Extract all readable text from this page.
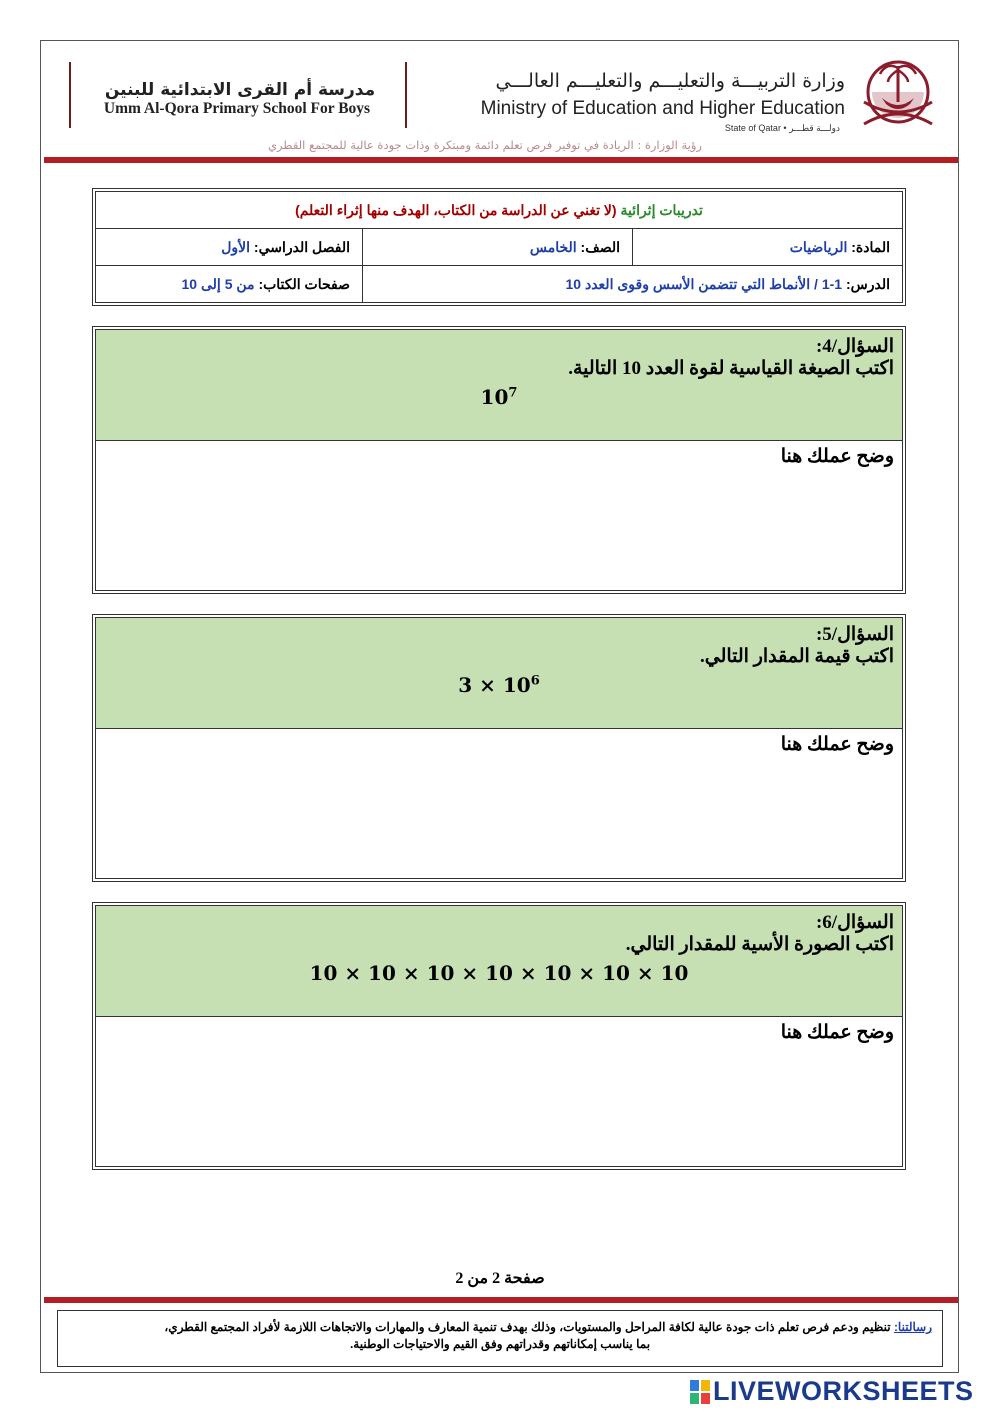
مدرسة أم القرى الابتدائية للبنين
Umm Al-Qora Primary School For Boys
وزارة التربيـــة والتعليـــم والتعليـــم العالـــي
Ministry of Education and Higher Education
State of Qatar • دولـــة قطـــر
رؤية الوزارة : الريادة في توفير فرص تعلم دائمة ومبتكرة وذات جودة عالية للمجتمع القطري
تدريبات إثرائية (لا تغني عن الدراسة من الكتاب، الهدف منها إثراء التعلم)		
المادة: الرياضيات	الصف: الخامس	الفصل الدراسي: الأول
الدرس: 1-1 / الأنماط التي تتضمن الأسس وقوى العدد 10		صفحات الكتاب: من 5 إلى 10
السؤال/4:
اكتب الصيغة القياسية لقوة العدد 10 التالية.
$10^7$
وضح عملك هنا
السؤال/5:
اكتب قيمة المقدار التالي.
$3 \times 10^6$
وضح عملك هنا
السؤال/6:
اكتب الصورة الأسية للمقدار التالي.
10 × 10 × 10 × 10 × 10 × 10 × 10
وضح عملك هنا
صفحة 2 من 2
رسالتنا: تنظيم ودعم فرص تعلم ذات جودة عالية لكافة المراحل والمستويات، وذلك بهدف تنمية المعارف والمهارات والاتجاهات اللازمة لأفراد المجتمع القطري،
بما يناسب إمكاناتهم وقدراتهم وفق القيم والاحتياجات الوطنية.
LIVEWORKSHEETS
